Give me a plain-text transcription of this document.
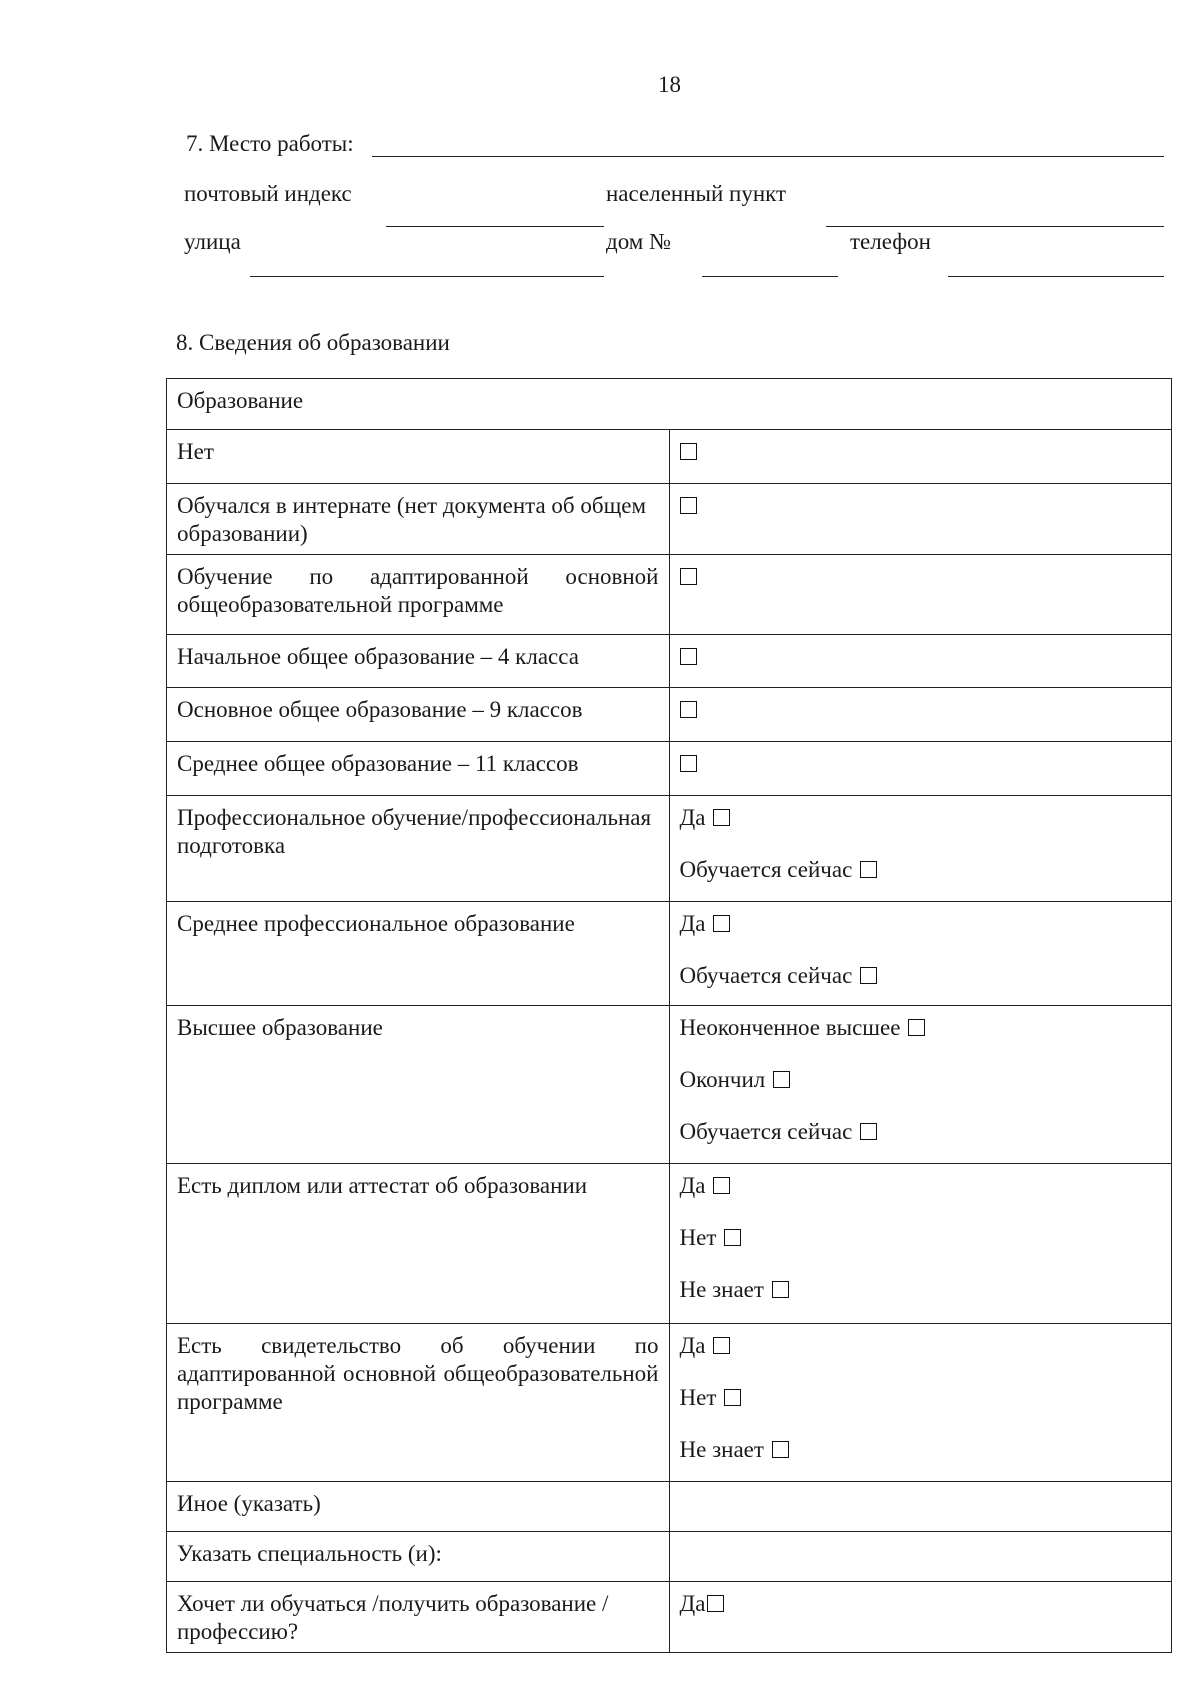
18
7. Место работы:
почтовый индекс	населенный пункт
улица	дом №	телефон
8. Сведения об образовании
Образование	
Нет	
Обучался в интернате (нет документа об общем образовании)	
Обучение по адаптированной основной общеобразовательной программе	
Начальное общее образование – 4 класса	
Основное общее образование – 9 классов	
Среднее общее образование – 11 классов	
Профессиональное обучение/профессиональная подготовка	Да
Обучается сейчас

Среднее профессиональное образование	Да
Обучается сейчас

Высшее образование	Неоконченное высшее
Окончил
Обучается сейчас

Есть диплом или аттестат об образовании	Да
Нет
Не знает

Есть свидетельство об обучении по адаптированной основной общеобразовательной программе	Да
Нет
Не знает

Иное (указать)	
Указать специальность (и):	
Хочет ли обучаться /получить образование /профессию?	Да
